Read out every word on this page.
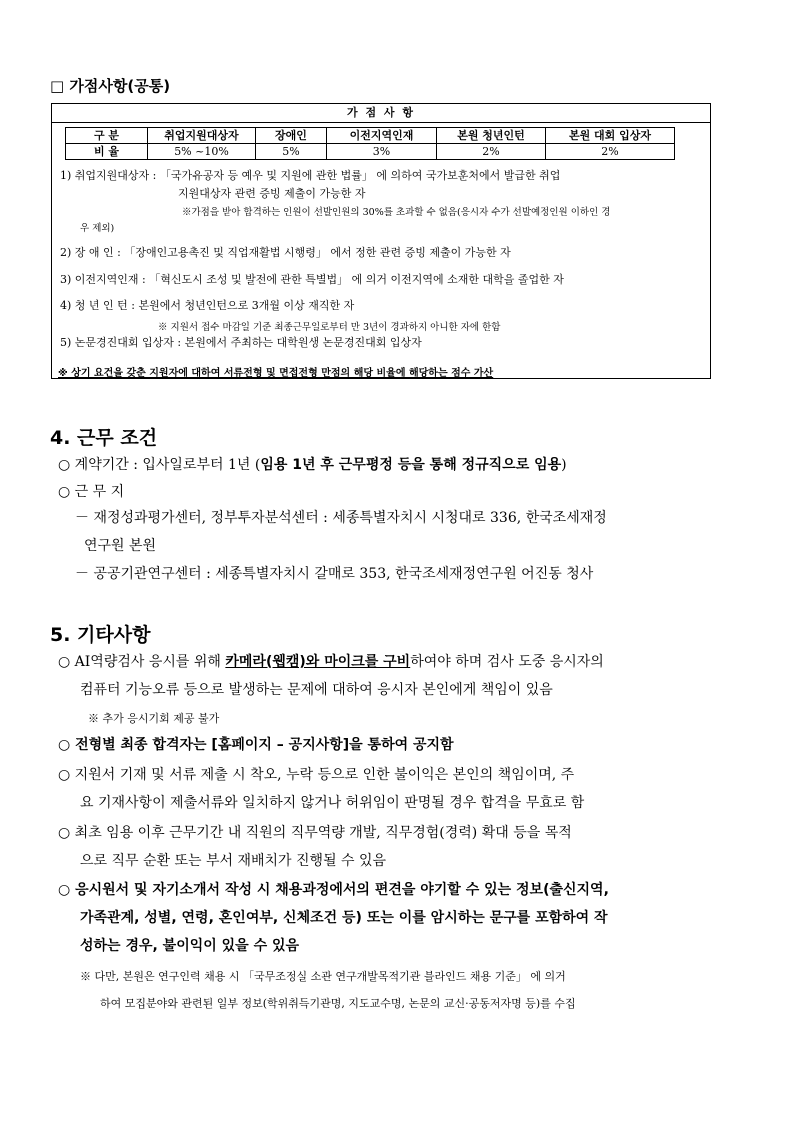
□ 가점사항(공통)
가 점 사 항
구 분	취업지원대상자	장애인	이전지역인재	본원 청년인턴	본원 대회 입상자
비 율	5% ~10%	5%	3%	2%	2%
1) 취업지원대상자 : 「국가유공자 등 예우 및 지원에 관한 법률」 에 의하여 국가보훈처에서 발급한 취업
지원대상자 관련 증빙 제출이 가능한 자
※가점을 받아 합격하는 인원이 선발인원의 30%를 초과할 수 없음(응시자 수가 선발예정인원 이하인 경
우 제외)
2) 장 애 인 : 「장애인고용촉진 및 직업재활법 시행령」 에서 정한 관련 증빙 제출이 가능한 자
3) 이전지역인재 : 「혁신도시 조성 및 발전에 관한 특별법」 에 의거 이전지역에 소재한 대학을 졸업한 자
4) 청 년 인 턴 : 본원에서 청년인턴으로 3개월 이상 재직한 자
※ 지원서 접수 마감일 기준 최종근무일로부터 만 3년이 경과하지 아니한 자에 한함
5) 논문경진대회 입상자 : 본원에서 주최하는 대학원생 논문경진대회 입상자
※ 상기 요건을 갖춘 지원자에 대하여 서류전형 및 면접전형 만점의 해당 비율에 해당하는 점수 가산
4. 근무 조건
○ 계약기간 : 입사일로부터 1년 (임용 1년 후 근무평정 등을 통해 정규직으로 임용)
○ 근 무 지
－ 재정성과평가센터, 정부투자분석센터 : 세종특별자치시 시청대로 336, 한국조세재정
연구원 본원
－ 공공기관연구센터 : 세종특별자치시 갈매로 353, 한국조세재정연구원 어진동 청사
5. 기타사항
○ AI역량검사 응시를 위해 카메라(웹캠)와 마이크를 구비하여야 하며 검사 도중 응시자의
컴퓨터 기능오류 등으로 발생하는 문제에 대하여 응시자 본인에게 책임이 있음
※ 추가 응시기회 제공 불가
○ 전형별 최종 합격자는 [홈페이지 – 공지사항]을 통하여 공지함
○ 지원서 기재 및 서류 제출 시 착오, 누락 등으로 인한 불이익은 본인의 책임이며, 주
요 기재사항이 제출서류와 일치하지 않거나 허위임이 판명될 경우 합격을 무효로 함
○ 최초 임용 이후 근무기간 내 직원의 직무역량 개발, 직무경험(경력) 확대 등을 목적
으로 직무 순환 또는 부서 재배치가 진행될 수 있음
○ 응시원서 및 자기소개서 작성 시 채용과정에서의 편견을 야기할 수 있는 정보(출신지역,
가족관계, 성별, 연령, 혼인여부, 신체조건 등) 또는 이를 암시하는 문구를 포함하여 작
성하는 경우, 불이익이 있을 수 있음
※ 다만, 본원은 연구인력 채용 시 「국무조정실 소관 연구개발목적기관 블라인드 채용 기준」 에 의거
하여 모집분야와 관련된 일부 정보(학위취득기관명, 지도교수명, 논문의 교신·공동저자명 등)를 수집
